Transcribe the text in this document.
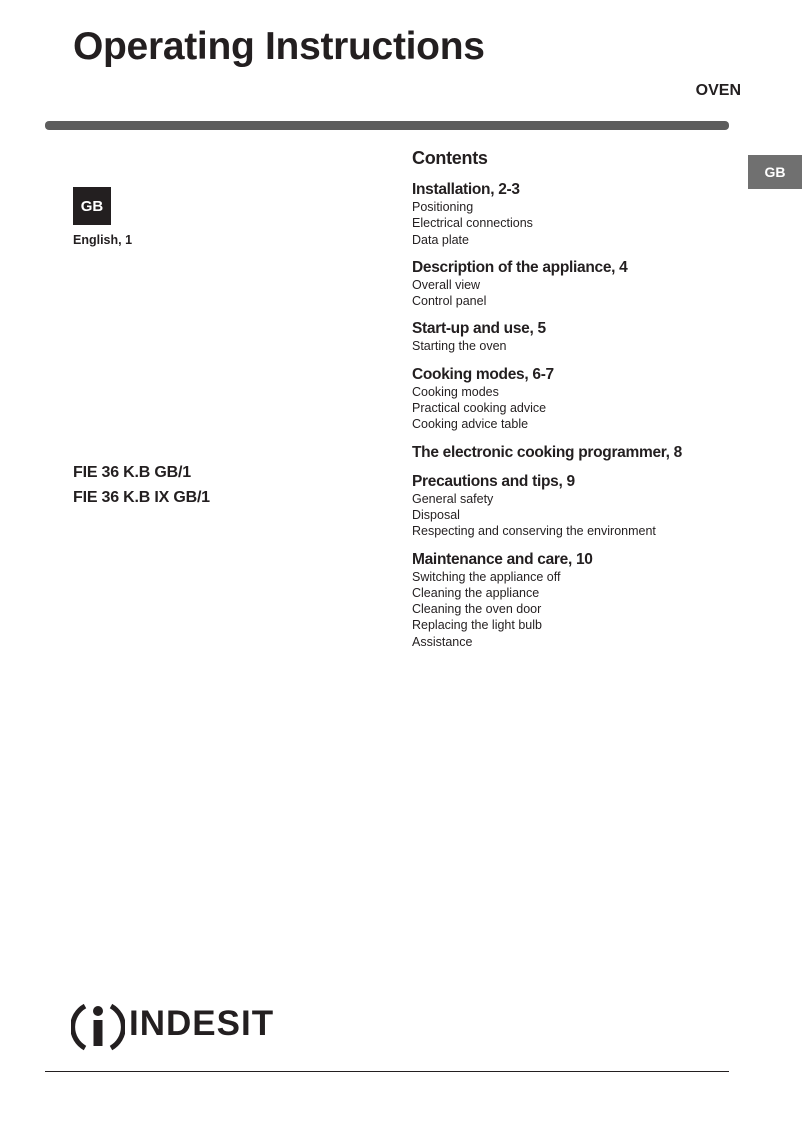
Operating Instructions
OVEN
GB
GB
English, 1
FIE 36 K.B GB/1
FIE 36 K.B IX GB/1
Contents
Installation, 2-3
Positioning
Electrical connections
Data plate
Description of the appliance, 4
Overall view
Control panel
Start-up and use, 5
Starting the oven
Cooking modes, 6-7
Cooking modes
Practical cooking advice
Cooking advice table
The electronic cooking programmer, 8
Precautions and tips, 9
General safety
Disposal
Respecting and conserving the environment
Maintenance and care, 10
Switching the appliance off
Cleaning the appliance
Cleaning the oven door
Replacing the light bulb
Assistance
INDESIT
